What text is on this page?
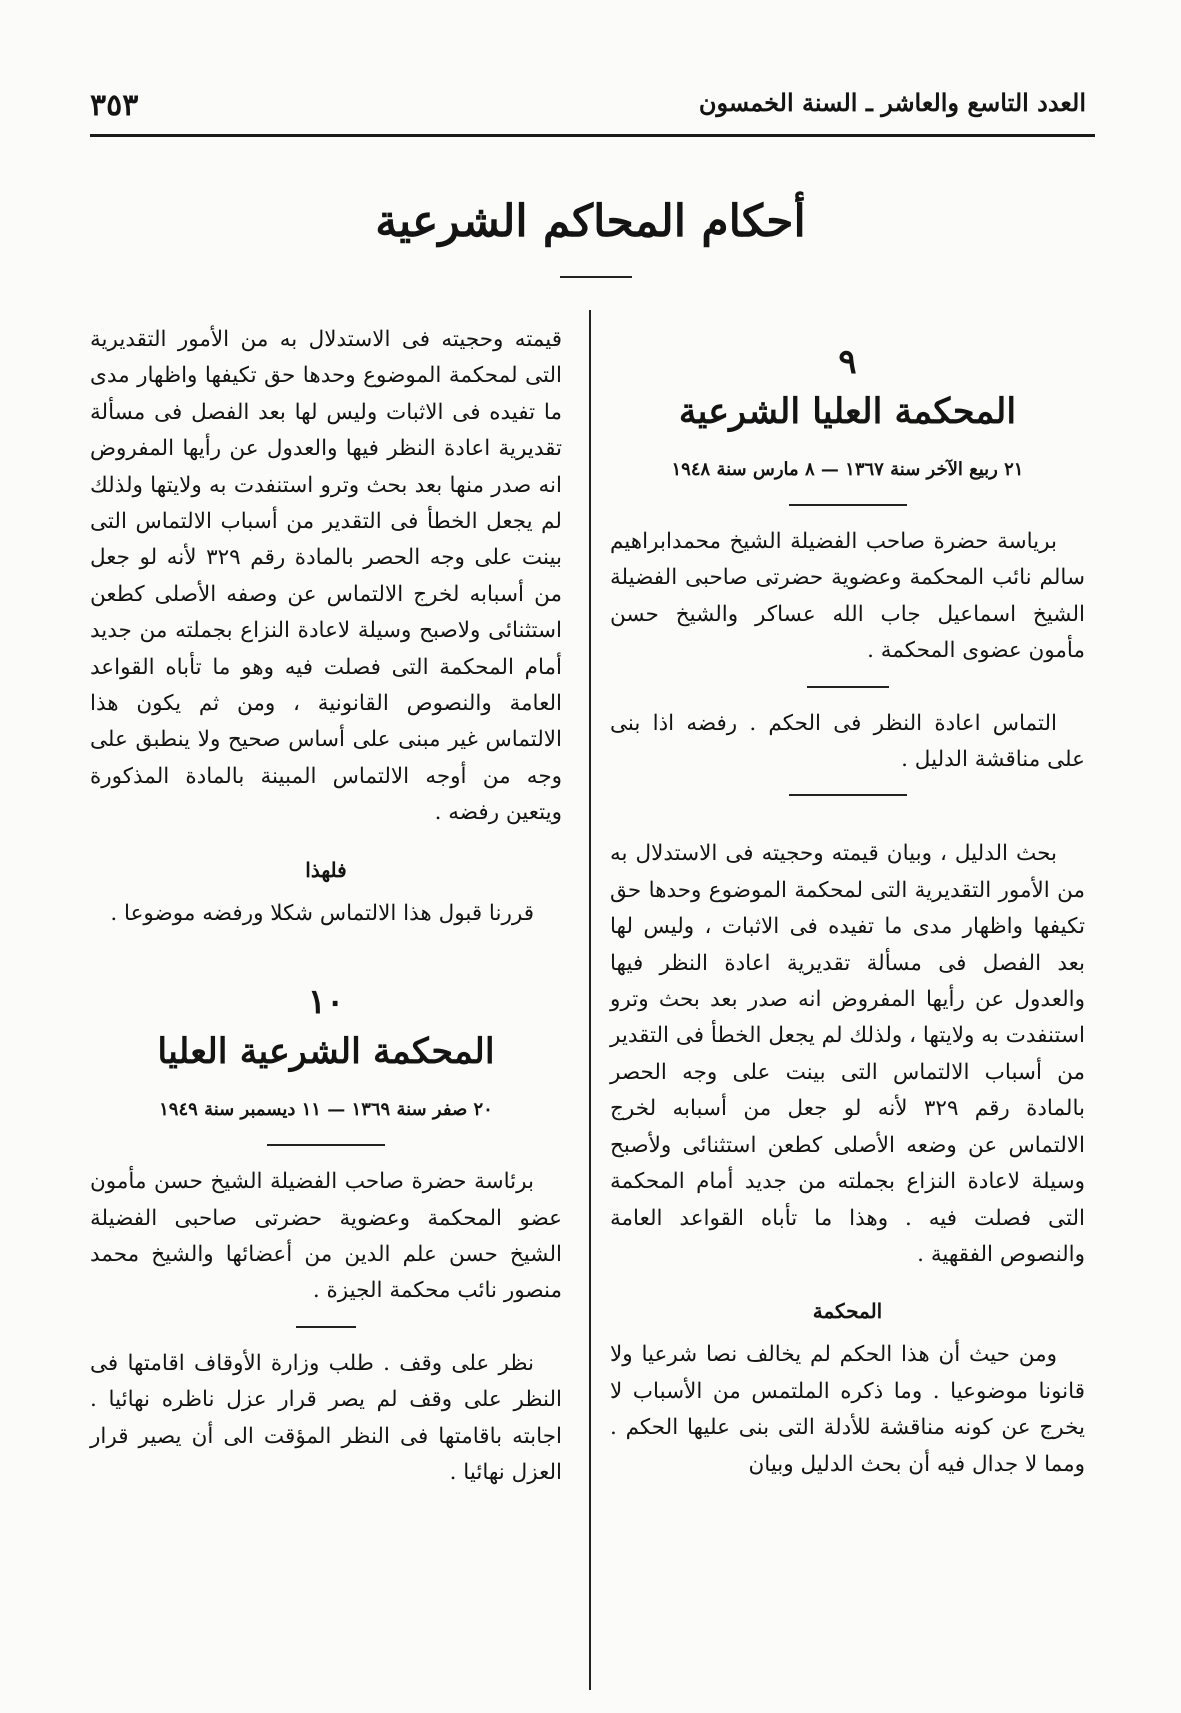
العدد التاسع والعاشر ـ السنة الخمسون
٣٥٣
أحكام المحاكم الشرعية
٩
المحكمة العليا الشرعية
٢١ ربيع الآخر سنة ١٣٦٧ — ٨ مارس سنة ١٩٤٨

برياسة حضرة صاحب الفضيلة الشيخ محمدابراهيم سالم نائب المحكمة وعضوية حضرتى صاحبى الفضيلة الشيخ اسماعيل جاب الله عساكر والشيخ حسن مأمون عضوى المحكمة .

التماس اعادة النظر فى الحكم . رفضه اذا بنى على مناقشة الدليل .

بحث الدليل ، وبيان قيمته وحجيته فى الاستدلال به من الأمور التقديرية التى لمحكمة الموضوع وحدها حق تكيفها واظهار مدى ما تفيده فى الاثبات ، وليس لها بعد الفصل فى مسألة تقديرية اعادة النظر فيها والعدول عن رأيها المفروض انه صدر بعد بحث وترو استنفدت به ولايتها ، ولذلك لم يجعل الخطأ فى التقدير من أسباب الالتماس التى بينت على وجه الحصر بالمادة رقم ٣٢٩ لأنه لو جعل من أسبابه لخرج الالتماس عن وضعه الأصلى كطعن استثنائى ولأصبح وسيلة لاعادة النزاع بجملته من جديد أمام المحكمة التى فصلت فيه . وهذا ما تأباه القواعد العامة والنصوص الفقهية .

المحكمة

ومن حيث أن هذا الحكم لم يخالف نصا شرعيا ولا قانونا موضوعيا . وما ذكره الملتمس من الأسباب لا يخرج عن كونه مناقشة للأدلة التى بنى عليها الحكم . ومما لا جدال فيه أن بحث الدليل وبيان

قيمته وحجيته فى الاستدلال به من الأمور التقديرية التى لمحكمة الموضوع وحدها حق تكيفها واظهار مدى ما تفيده فى الاثبات وليس لها بعد الفصل فى مسألة تقديرية اعادة النظر فيها والعدول عن رأيها المفروض انه صدر منها بعد بحث وترو استنفدت به ولايتها ولذلك لم يجعل الخطأ فى التقدير من أسباب الالتماس التى بينت على وجه الحصر بالمادة رقم ٣٢٩ لأنه لو جعل من أسبابه لخرج الالتماس عن وصفه الأصلى كطعن استثنائى ولاصبح وسيلة لاعادة النزاع بجملته من جديد أمام المحكمة التى فصلت فيه وهو ما تأباه القواعد العامة والنصوص القانونية ، ومن ثم يكون هذا الالتماس غير مبنى على أساس صحيح ولا ينطبق على وجه من أوجه الالتماس المبينة بالمادة المذكورة ويتعين رفضه .

فلهذا

قررنا قبول هذا الالتماس شكلا ورفضه موضوعا .

١٠
المحكمة الشرعية العليا
٢٠ صفر سنة ١٣٦٩ — ١١ ديسمبر سنة ١٩٤٩

برئاسة حضرة صاحب الفضيلة الشيخ حسن مأمون عضو المحكمة وعضوية حضرتى صاحبى الفضيلة الشيخ حسن علم الدين من أعضائها والشيخ محمد منصور نائب محكمة الجيزة .

نظر على وقف . طلب وزارة الأوقاف اقامتها فى النظر على وقف لم يصر قرار عزل ناظره نهائيا . اجابته باقامتها فى النظر المؤقت الى أن يصير قرار العزل نهائيا .
